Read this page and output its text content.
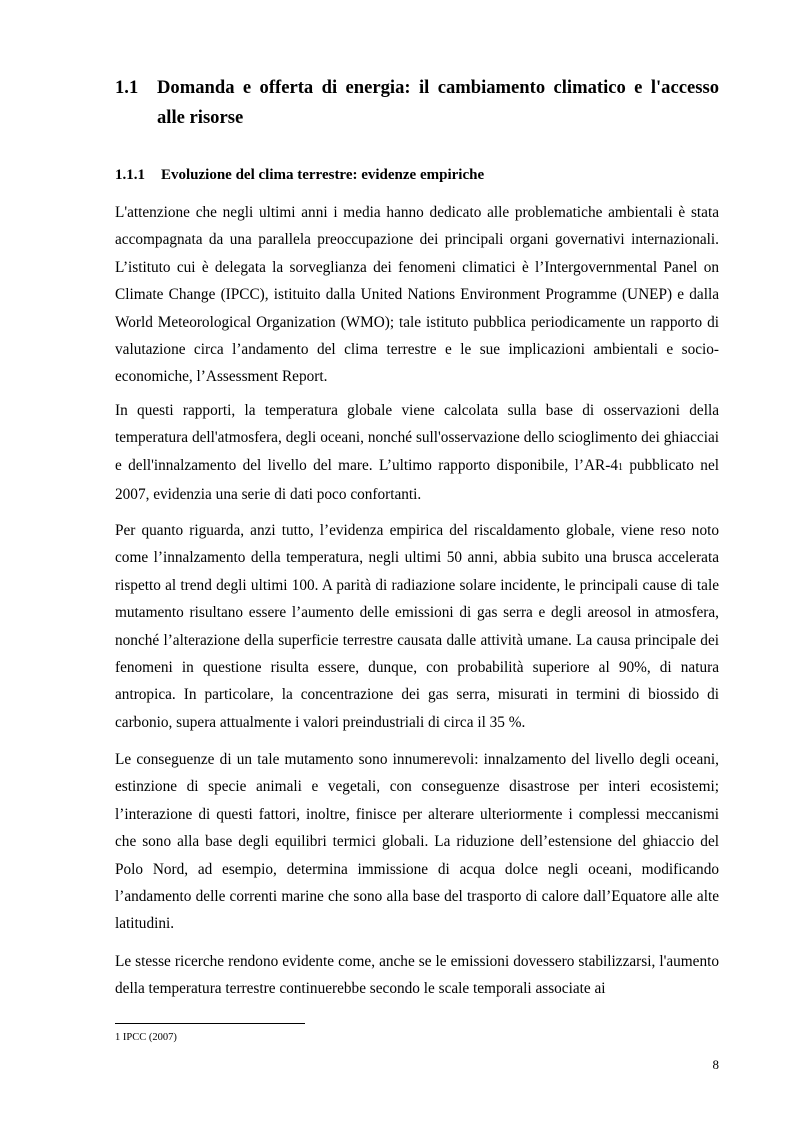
1.1 Domanda e offerta di energia: il cambiamento climatico e l'accesso
alle risorse
1.1.1 Evoluzione del clima terrestre: evidenze empiriche

L'attenzione che negli ultimi anni i media hanno dedicato alle problematiche ambientali è stata accompagnata da una parallela preoccupazione dei principali organi governativi internazionali. L’istituto cui è delegata la sorveglianza dei fenomeni climatici è l’Intergovernmental Panel on Climate Change (IPCC), istituito dalla United Nations Environment Programme (UNEP) e dalla World Meteorological Organization (WMO); tale istituto pubblica periodicamente un rapporto di valutazione circa l’andamento del clima terrestre e le sue implicazioni ambientali e socio-economiche, l’Assessment Report.

In questi rapporti, la temperatura globale viene calcolata sulla base di osservazioni della temperatura dell'atmosfera, degli oceani, nonché sull'osservazione dello scioglimento dei ghiacciai e dell'innalzamento del livello del mare. L’ultimo rapporto disponibile, l’AR-41 pubblicato nel 2007, evidenzia una serie di dati poco confortanti.

Per quanto riguarda, anzi tutto, l’evidenza empirica del riscaldamento globale, viene reso noto come l’innalzamento della temperatura, negli ultimi 50 anni, abbia subito una brusca accelerata rispetto al trend degli ultimi 100. A parità di radiazione solare incidente, le principali cause di tale mutamento risultano essere l’aumento delle emissioni di gas serra e degli areosol in atmosfera, nonché l’alterazione della superficie terrestre causata dalle attività umane. La causa principale dei fenomeni in questione risulta essere, dunque, con probabilità superiore al 90%, di natura antropica. In particolare, la concentrazione dei gas serra, misurati in termini di biossido di carbonio, supera attualmente i valori preindustriali di circa il 35 %.

Le conseguenze di un tale mutamento sono innumerevoli: innalzamento del livello degli oceani, estinzione di specie animali e vegetali, con conseguenze disastrose per interi ecosistemi; l’interazione di questi fattori, inoltre, finisce per alterare ulteriormente i complessi meccanismi che sono alla base degli equilibri termici globali. La riduzione dell’estensione del ghiaccio del Polo Nord, ad esempio, determina immissione di acqua dolce negli oceani, modificando l’andamento delle correnti marine che sono alla base del trasporto di calore dall’Equatore alle alte latitudini.

Le stesse ricerche rendono evidente come, anche se le emissioni dovessero stabilizzarsi, l'aumento della temperatura terrestre continuerebbe secondo le scale temporali associate ai

1 IPCC (2007)
8
